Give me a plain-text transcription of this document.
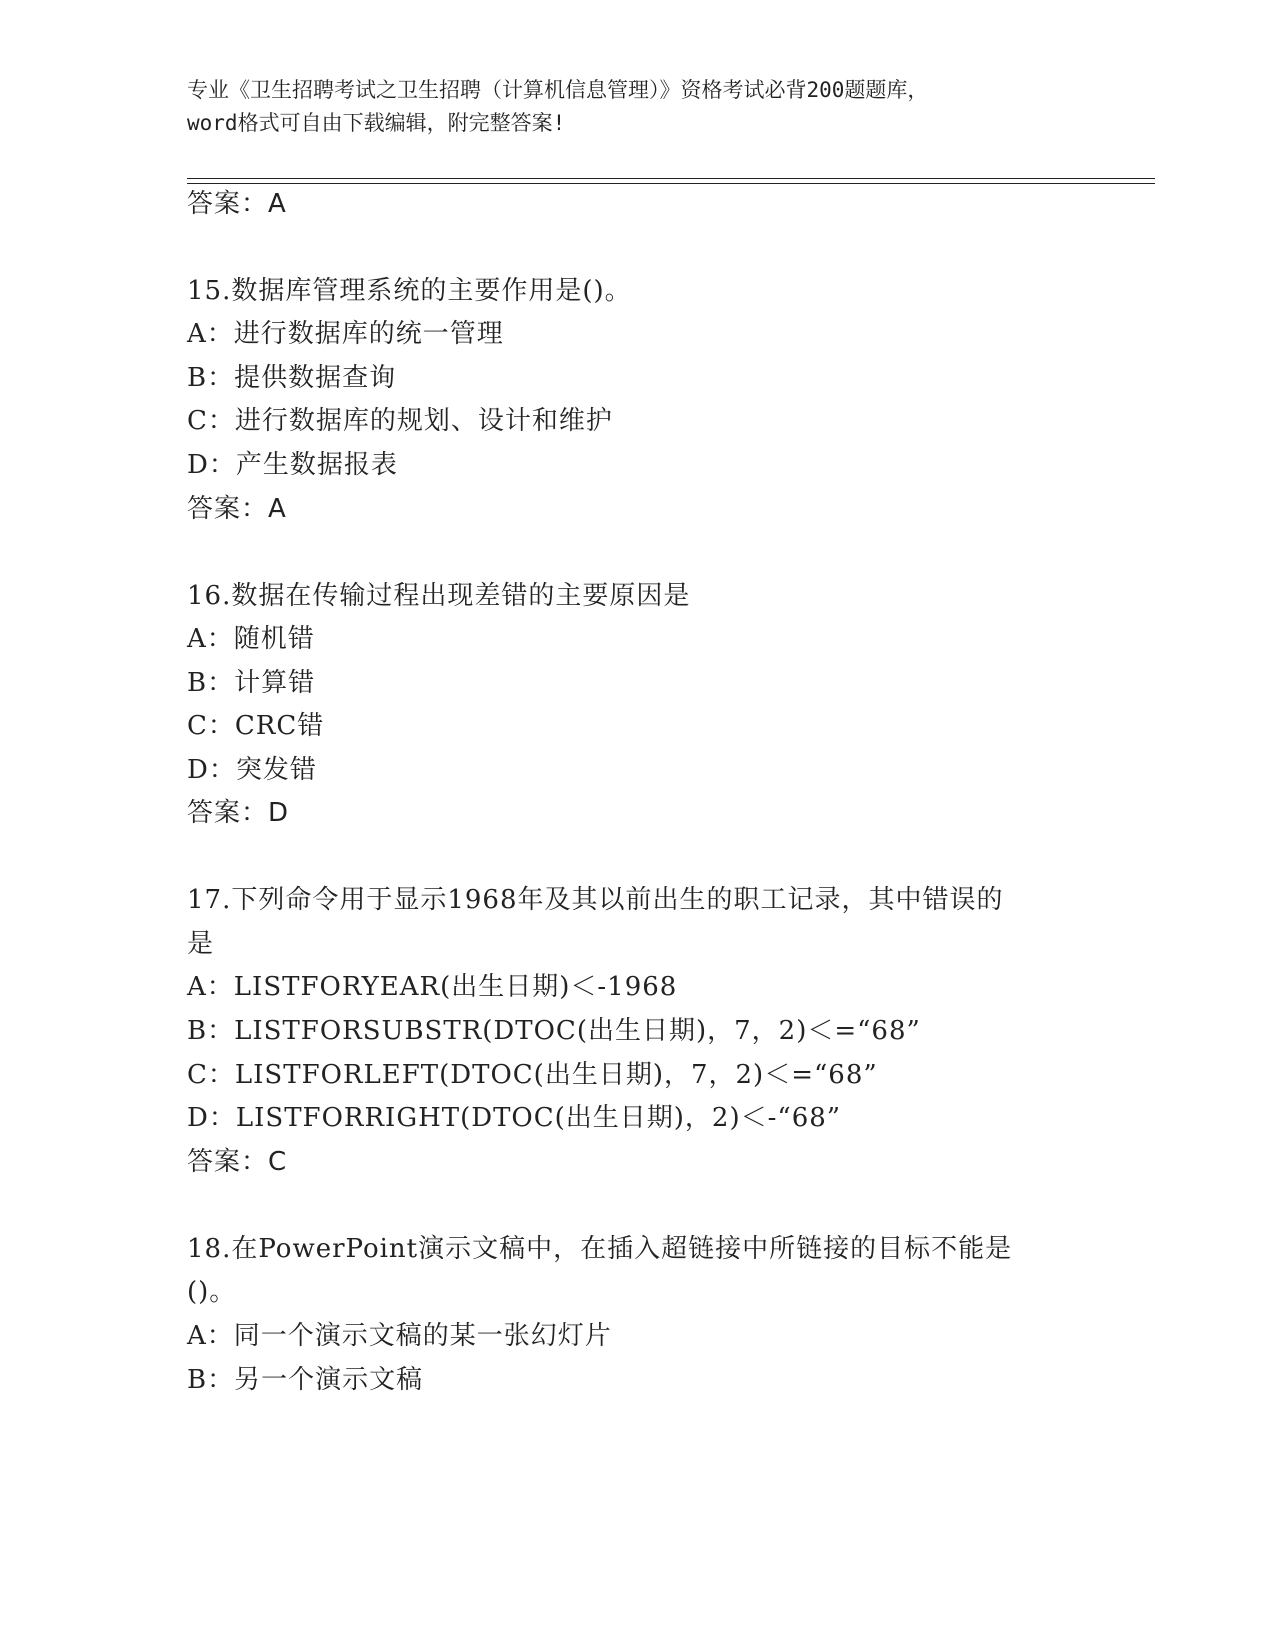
专业《卫生招聘考试之卫生招聘（计算机信息管理）》资格考试必背200题题库，
word格式可自由下载编辑，附完整答案!
答案：A
15.数据库管理系统的主要作用是()。
A：进行数据库的统一管理
B：提供数据查询
C：进行数据库的规划、设计和维护
D：产生数据报表
答案：A
16.数据在传输过程出现差错的主要原因是
A：随机错
B：计算错
C：CRC错
D：突发错
答案：D
17.下列命令用于显示1968年及其以前出生的职工记录，其中错误的
是
A：LISTFORYEAR(出生日期)＜-1968
B：LISTFORSUBSTR(DTOC(出生日期)，7，2)＜=“68”
C：LISTFORLEFT(DTOC(出生日期)，7，2)＜=“68”
D：LISTFORRIGHT(DTOC(出生日期)，2)＜-“68”
答案：C
18.在PowerPoint演示文稿中，在插入超链接中所链接的目标不能是
()。
A：同一个演示文稿的某一张幻灯片
B：另一个演示文稿
